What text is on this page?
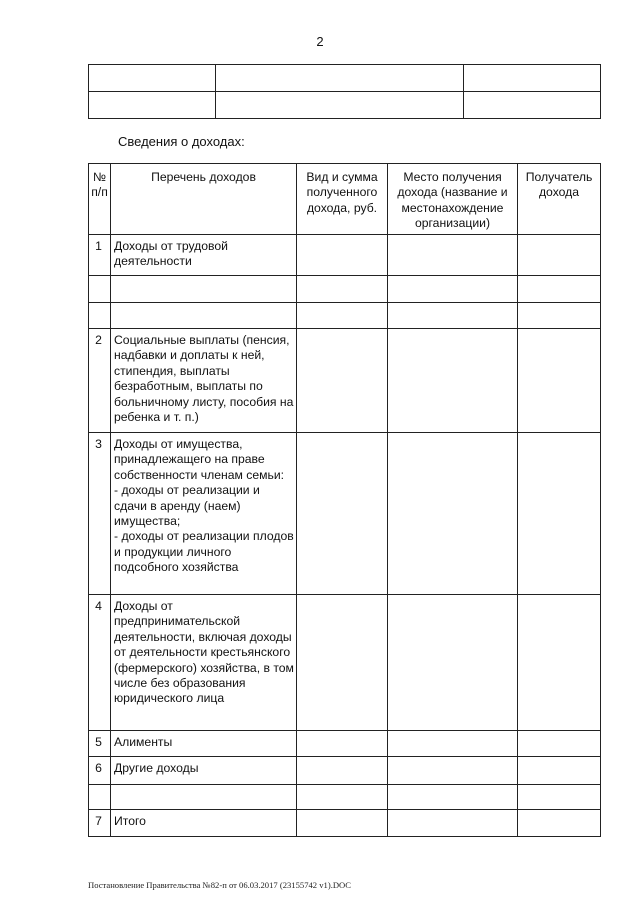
2

Сведения о доходах:
№ п/п	Перечень доходов	Вид и сумма полученного дохода, руб.	Место получения дохода (название и местонахождение организации)	Получатель дохода
1	Доходы от трудовой деятельности			

2	Социальные выплаты (пенсия, надбавки и доплаты к ней, стипендия, выплаты безработным, выплаты по больничному листу, пособия на ребенка и т. п.)			
3	Доходы от имущества, принадлежащего на праве собственности членам семьи:
- доходы от реализации и сдачи в аренду (наем) имущества;
- доходы от реализации плодов и продукции личного подсобного хозяйства			
4	Доходы от предпринимательской деятельности, включая доходы от деятельности крестьянского (фермерского) хозяйства, в том числе без образования юридического лица			
5	Алименты			
6	Другие доходы			

7	Итого			
Постановление Правительства №82-п от 06.03.2017 (23155742 v1).DOC
